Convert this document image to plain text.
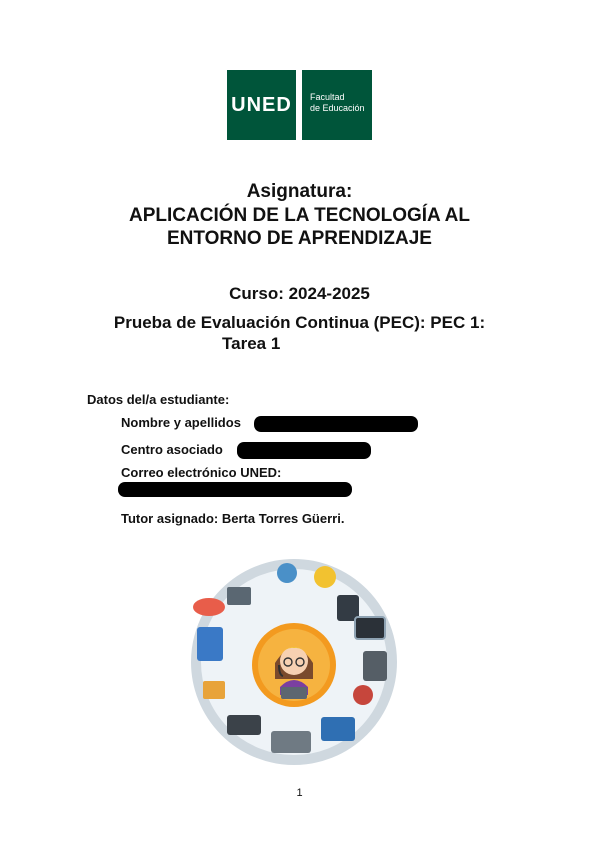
UNED Facultad
de Educación
Asignatura:
APLICACIÓN DE LA TECNOLOGÍA AL
ENTORNO DE APRENDIZAJE
Curso: 2024-2025
Prueba de Evaluación Continua (PEC): PEC 1:
Tarea 1
Datos del/a estudiante:
Nombre y apellidos
Centro asociado
Correo electrónico UNED:
Tutor asignado: Berta Torres Güerri.
1
